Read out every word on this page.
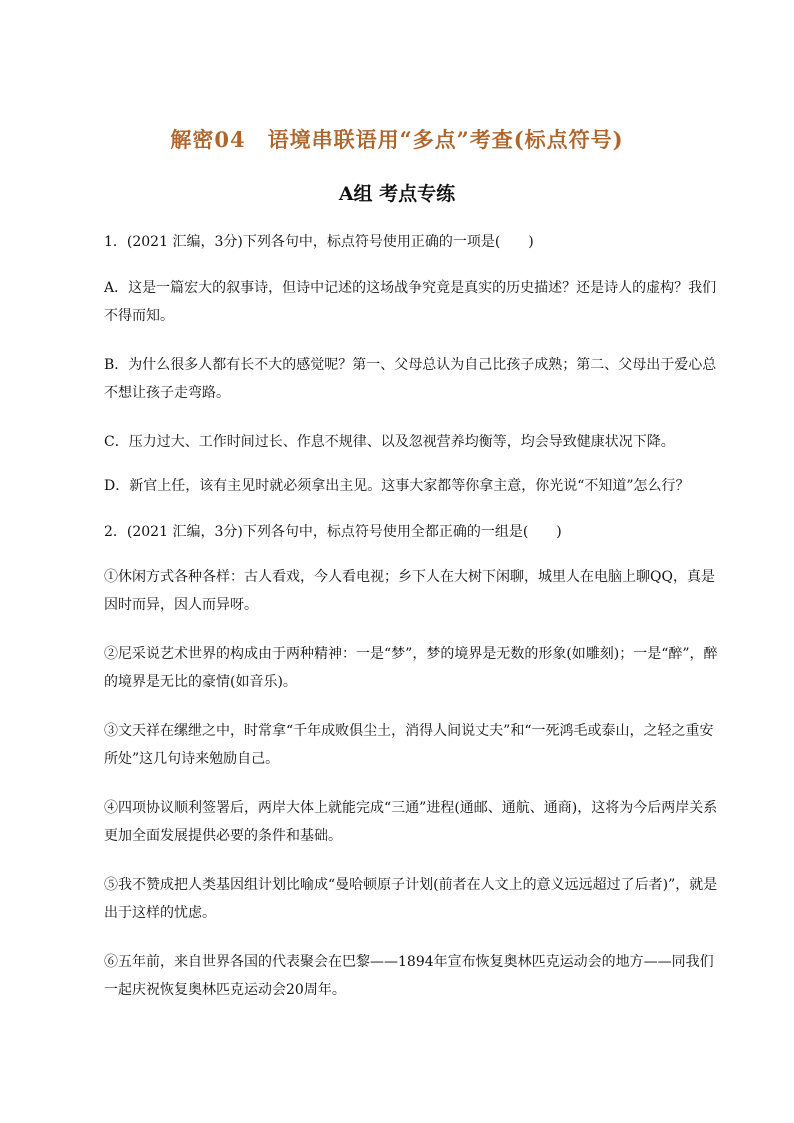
解密04　语境串联语用“多点”考查(标点符号)
A组 考点专练

1．(2021 汇编，3分)下列各句中，标点符号使用正确的一项是(　　)

A．这是一篇宏大的叙事诗，但诗中记述的这场战争究竟是真实的历史描述？还是诗人的虚构？我们不得而知。

B．为什么很多人都有长不大的感觉呢？第一、父母总认为自己比孩子成熟；第二、父母出于爱心总不想让孩子走弯路。

C．压力过大、工作时间过长、作息不规律、以及忽视营养均衡等，均会导致健康状况下降。

D．新官上任，该有主见时就必须拿出主见。这事大家都等你拿主意，你光说“不知道”怎么行？

2．(2021 汇编，3分)下列各句中，标点符号使用全都正确的一组是(　　)

①休闲方式各种各样：古人看戏，今人看电视；乡下人在大树下闲聊，城里人在电脑上聊QQ，真是因时而异，因人而异呀。

②尼采说艺术世界的构成由于两种精神：一是“梦”，梦的境界是无数的形象(如雕刻)；一是“醉”，醉的境界是无比的豪情(如音乐)。

③文天祥在缧绁之中，时常拿“千年成败俱尘土，消得人间说丈夫”和“一死鸿毛或泰山，之轻之重安所处”这几句诗来勉励自己。

④四项协议顺利签署后，两岸大体上就能完成“三通”进程(通邮、通航、通商)，这将为今后两岸关系更加全面发展提供必要的条件和基础。

⑤我不赞成把人类基因组计划比喻成“曼哈顿原子计划(前者在人文上的意义远远超过了后者)”，就是出于这样的忧虑。

⑥五年前，来自世界各国的代表聚会在巴黎——1894年宣布恢复奥林匹克运动会的地方——同我们一起庆祝恢复奥林匹克运动会20周年。
